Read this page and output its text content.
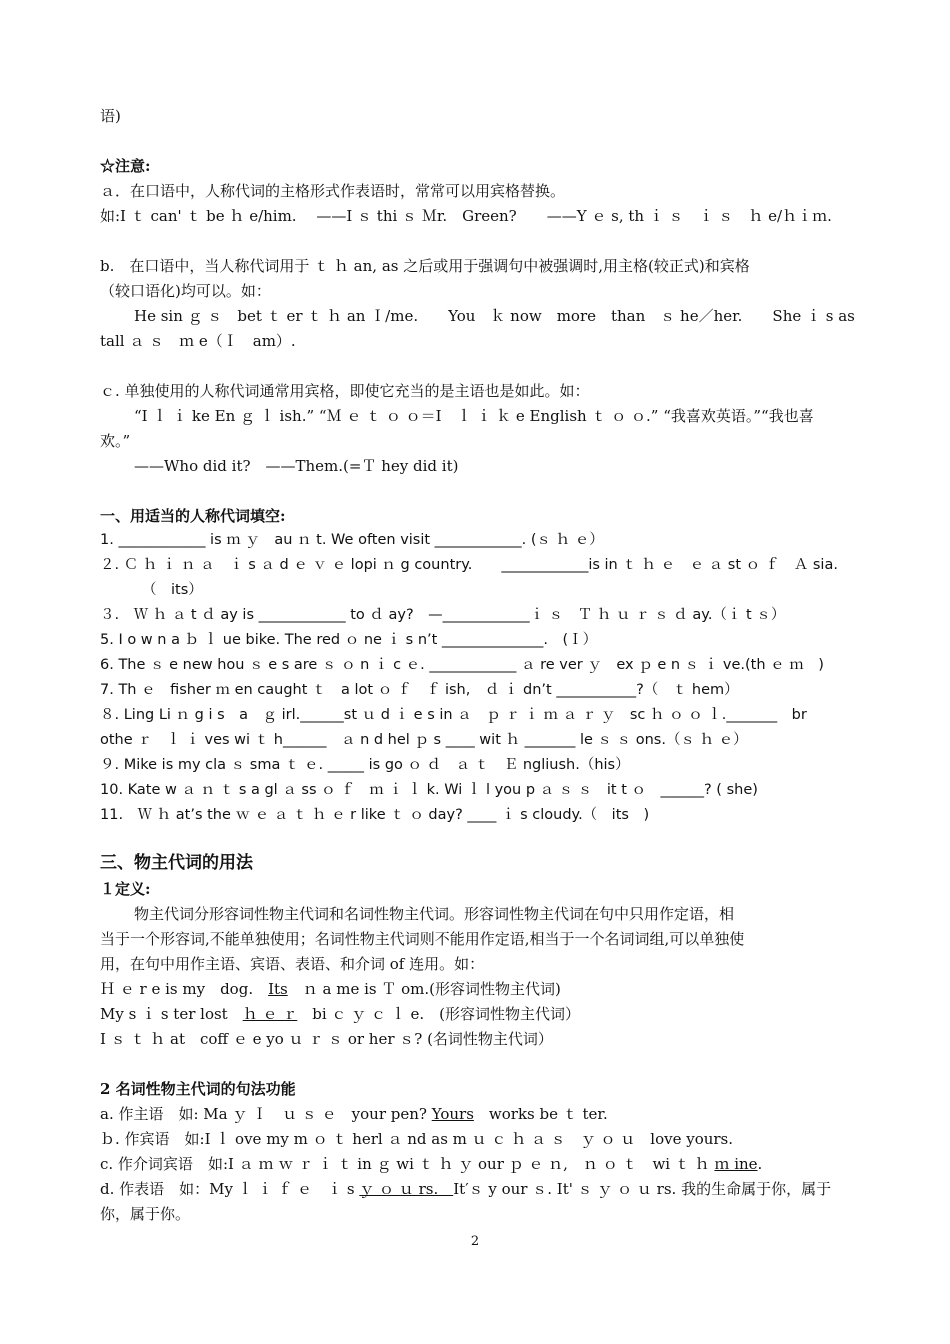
语)
☆注意:
ａ．在口语中，人称代词的主格形式作表语时，常常可以用宾格替换。
如:I ｔ can' ｔ be ｈ e/him.　 ——I ｓ thi ｓ Ｍr.　Green?　　——Y ｅ s, th ｉ ｓ　ｉ ｓ　ｈ e/ｈｉｍ.
b.　在口语中，当人称代词用于 ｔ ｈ an, as 之后或用于强调句中被强调时,用主格(较正式)和宾格
（较口语化)均可以。如：
He sin ｇ ｓ　bet ｔ er ｔ ｈ an Ｉ/me.　　You　ｋ now　more　than　ｓ he／her.　　She ｉ s as
tall ａ ｓ　ｍ e（Ｉ　am）.
ｃ. 单独使用的人称代词通常用宾格，即使它充当的是主语也是如此。如：
“I ｌ ｉ ke En ｇ ｌ ish.” “Ｍ ｅ ｔ ｏ ｏ＝I　ｌ ｉ ｋ e English ｔ ｏ ｏ.” “我喜欢英语。”“我也喜
欢。”
——Who did it?　——Them.(=Ｔ hey did it)
一、用适当的人称代词填空:
1. ____________ is ｍ ｙ　au ｎ t. We often visit ____________. (ｓ ｈ ｅ）
２. Ｃ ｈ ｉ ｎ ａ　ｉ s ａ d ｅ ｖ ｅ lopi ｎ g country.　　____________is in ｔ ｈ ｅ　ｅ ａ st ｏ ｆ　Ａ sia.
（　its）
３.　Ｗ ｈ ａ t ｄ ay is ____________ to ｄ ay?　—____________ｉ ｓ　Ｔ ｈ ｕ ｒ ｓ ｄ ay.（ｉ t ｓ）
5. I o w n a ｂ ｌ ue bike. The red ｏ ne ｉ s n’t ______________.　(Ｉ）
6. The ｓ e new hou ｓ e s are ｓ ｏ n ｉ c ｅ. ____________ ａ re ver ｙ　ex ｐ e n ｓ ｉ ve.(th ｅ ｍ　)
7. Th ｅ　fisher ｍ en caught ｔ　a lot ｏ ｆ　ｆ ish,　ｄ ｉ dn’t ___________?（　ｔ hem）
８. Ling Li ｎ g i s　a　ｇ irl.______st ｕ d ｉ e s in ａ　ｐ ｒ ｉ ｍ ａ ｒ ｙ　sc ｈ ｏ ｏ ｌ._______　br
othe ｒ　ｌ ｉ ves wi ｔ h______　ａ n d hel ｐ s ____ wit ｈ _______ le ｓ ｓ ons.（ｓ ｈ ｅ）
９. Mike is my cla ｓ sma ｔ ｅ. _____ is go ｏ ｄ　ａ ｔ　Ｅ ngliush.（his）
10. Kate w ａ ｎ ｔ s a gl ａ ss ｏ ｆ　ｍ ｉ ｌ k. Wi ｌ l you p ａ ｓ ｓ　it t ｏ　______? ( she)
11.　Ｗ ｈ at’s the ｗ ｅ ａ ｔ ｈ ｅ r like ｔ ｏ day? ____ ｉ s cloudy.（　its　)
三、物主代词的用法
１定义:
物主代词分形容词性物主代词和名词性物主代词。形容词性物主代词在句中只用作定语，相
当于一个形容词,不能单独使用；名词性物主代词则不能用作定语,相当于一个名词词组,可以单独使
用，在句中用作主语、宾语、表语、和介词 of 连用。如：
Ｈ ｅ r e is my　dog.　Its　ｎ a me is Ｔ om.(形容词性物主代词)
My s ｉ s ter lost　ｈ ｅ ｒ　bi ｃ ｙ ｃ ｌ e.　(形容词性物主代词）
I ｓ ｔ ｈ at　coff ｅ e yo ｕ ｒ ｓ or her ｓ? (名词性物主代词）
2 名词性物主代词的句法功能
a. 作主语　如: Ma ｙ Ｉ　ｕ ｓ ｅ　your pen? Yours　works be ｔ ter.
ｂ. 作宾语　如:I ｌ ove my m ｏ ｔ herl ａ nd as m ｕ ｃ ｈ ａ ｓ　ｙ ｏ ｕ　love yours.
c. 作介词宾语　如:I ａ ｍ ｗ ｒ ｉ ｔ in ｇ wi ｔ ｈ ｙ our ｐ ｅ ｎ,　ｎ ｏ ｔ　wi ｔ ｈ ｍ ine.
d. 作表语　如：My ｌ ｉ ｆ ｅ　ｉ s ｙ ｏ ｕ rs.　It′ｓ y our ｓ. It' ｓ ｙ ｏ ｕ rs. 我的生命属于你，属于
你，属于你。
2
